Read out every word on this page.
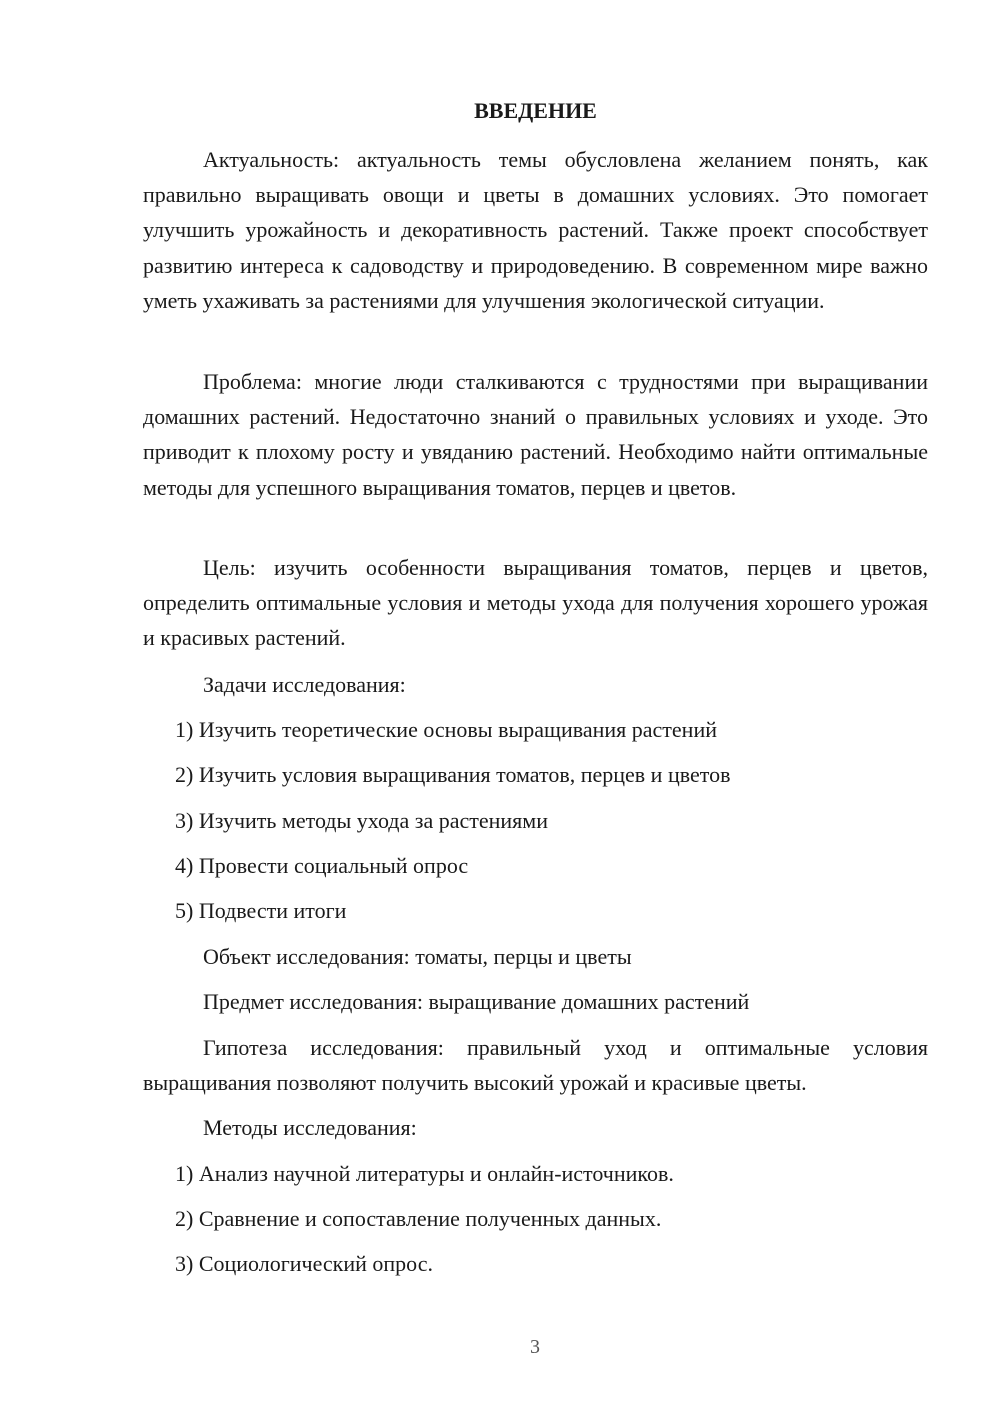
ВВЕДЕНИЕ

Актуальность: актуальность темы обусловлена желанием понять, как правильно выращивать овощи и цветы в домашних условиях. Это помогает улучшить урожайность и декоративность растений. Также проект способствует развитию интереса к садоводству и природоведению. В современном мире важно уметь ухаживать за растениями для улучшения экологической ситуации.

Проблема: многие люди сталкиваются с трудностями при выращивании домашних растений. Недостаточно знаний о правильных условиях и уходе. Это приводит к плохому росту и увяданию растений. Необходимо найти оптимальные методы для успешного выращивания томатов, перцев и цветов.

Цель: изучить особенности выращивания томатов, перцев и цветов, определить оптимальные условия и методы ухода для получения хорошего урожая и красивых растений.

Задачи исследования:

1) Изучить теоретические основы выращивания растений

2) Изучить условия выращивания томатов, перцев и цветов

3) Изучить методы ухода за растениями

4) Провести социальный опрос

5) Подвести итоги

Объект исследования: томаты, перцы и цветы

Предмет исследования: выращивание домашних растений

Гипотеза исследования: правильный уход и оптимальные условия выращивания позволяют получить высокий урожай и красивые цветы.

Методы исследования:

1) Анализ научной литературы и онлайн-источников.

2) Сравнение и сопоставление полученных данных.

3) Социологический опрос.

3
